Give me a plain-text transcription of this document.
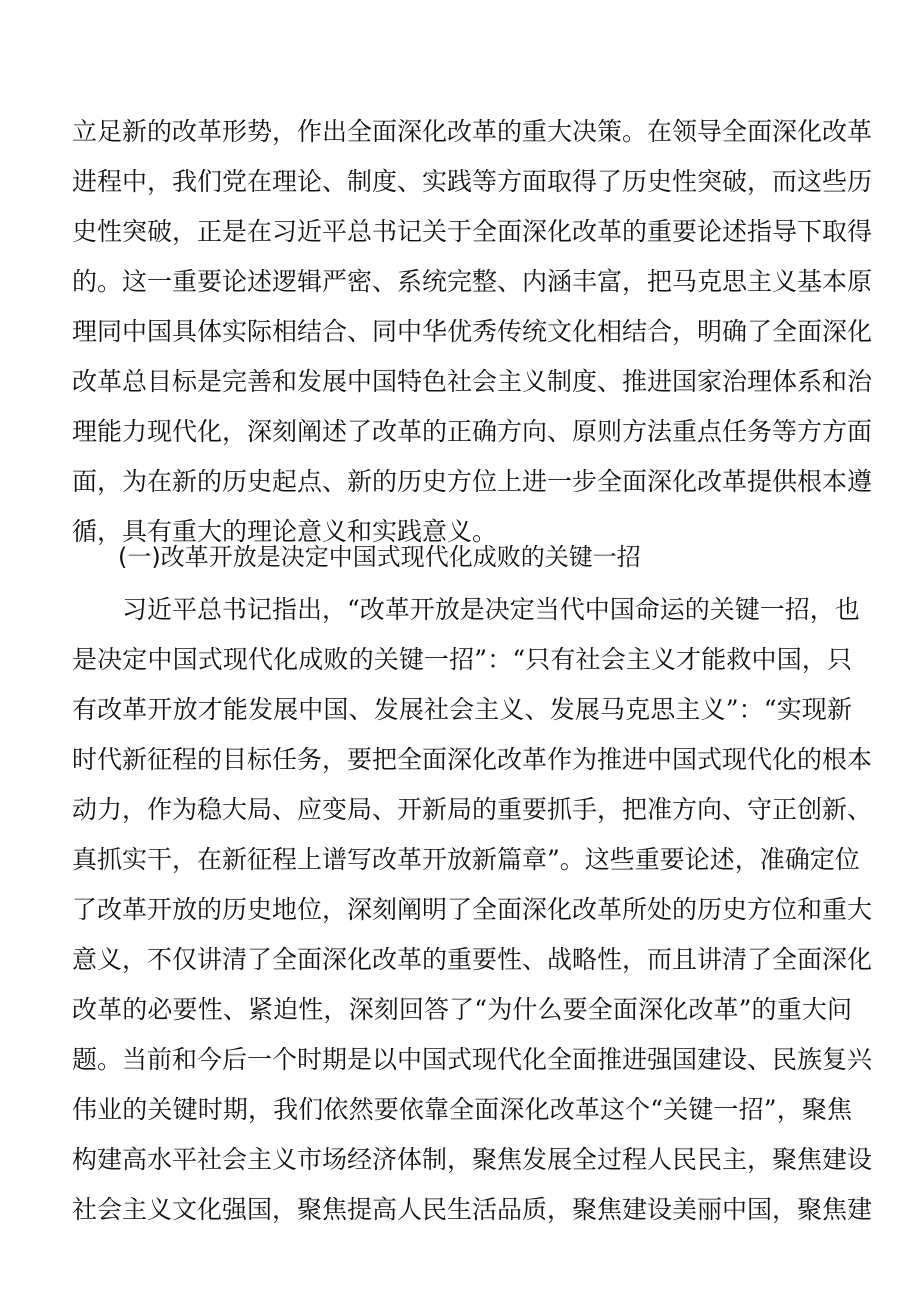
立足新的改革形势，作出全面深化改革的重大决策。在领导全面深化改革
进程中，我们党在理论、制度、实践等方面取得了历史性突破，而这些历
史性突破，正是在习近平总书记关于全面深化改革的重要论述指导下取得
的。这一重要论述逻辑严密、系统完整、内涵丰富，把马克思主义基本原
理同中国具体实际相结合、同中华优秀传统文化相结合，明确了全面深化
改革总目标是完善和发展中国特色社会主义制度、推进国家治理体系和治
理能力现代化，深刻阐述了改革的正确方向、原则方法重点任务等方方面
面，为在新的历史起点、新的历史方位上进一步全面深化改革提供根本遵
循，具有重大的理论意义和实践意义。
(一)改革开放是决定中国式现代化成败的关键一招
习近平总书记指出，“改革开放是决定当代中国命运的关键一招，也
是决定中国式现代化成败的关键一招”：“只有社会主义才能救中国，只
有改革开放才能发展中国、发展社会主义、发展马克思主义”：“实现新
时代新征程的目标任务，要把全面深化改革作为推进中国式现代化的根本
动力，作为稳大局、应变局、开新局的重要抓手，把准方向、守正创新、
真抓实干，在新征程上谱写改革开放新篇章”。这些重要论述，准确定位
了改革开放的历史地位，深刻阐明了全面深化改革所处的历史方位和重大
意义，不仅讲清了全面深化改革的重要性、战略性，而且讲清了全面深化
改革的必要性、紧迫性，深刻回答了“为什么要全面深化改革”的重大问
题。当前和今后一个时期是以中国式现代化全面推进强国建设、民族复兴
伟业的关键时期，我们依然要依靠全面深化改革这个“关键一招”，聚焦
构建高水平社会主义市场经济体制，聚焦发展全过程人民民主，聚焦建设
社会主义文化强国，聚焦提高人民生活品质，聚焦建设美丽中国，聚焦建
